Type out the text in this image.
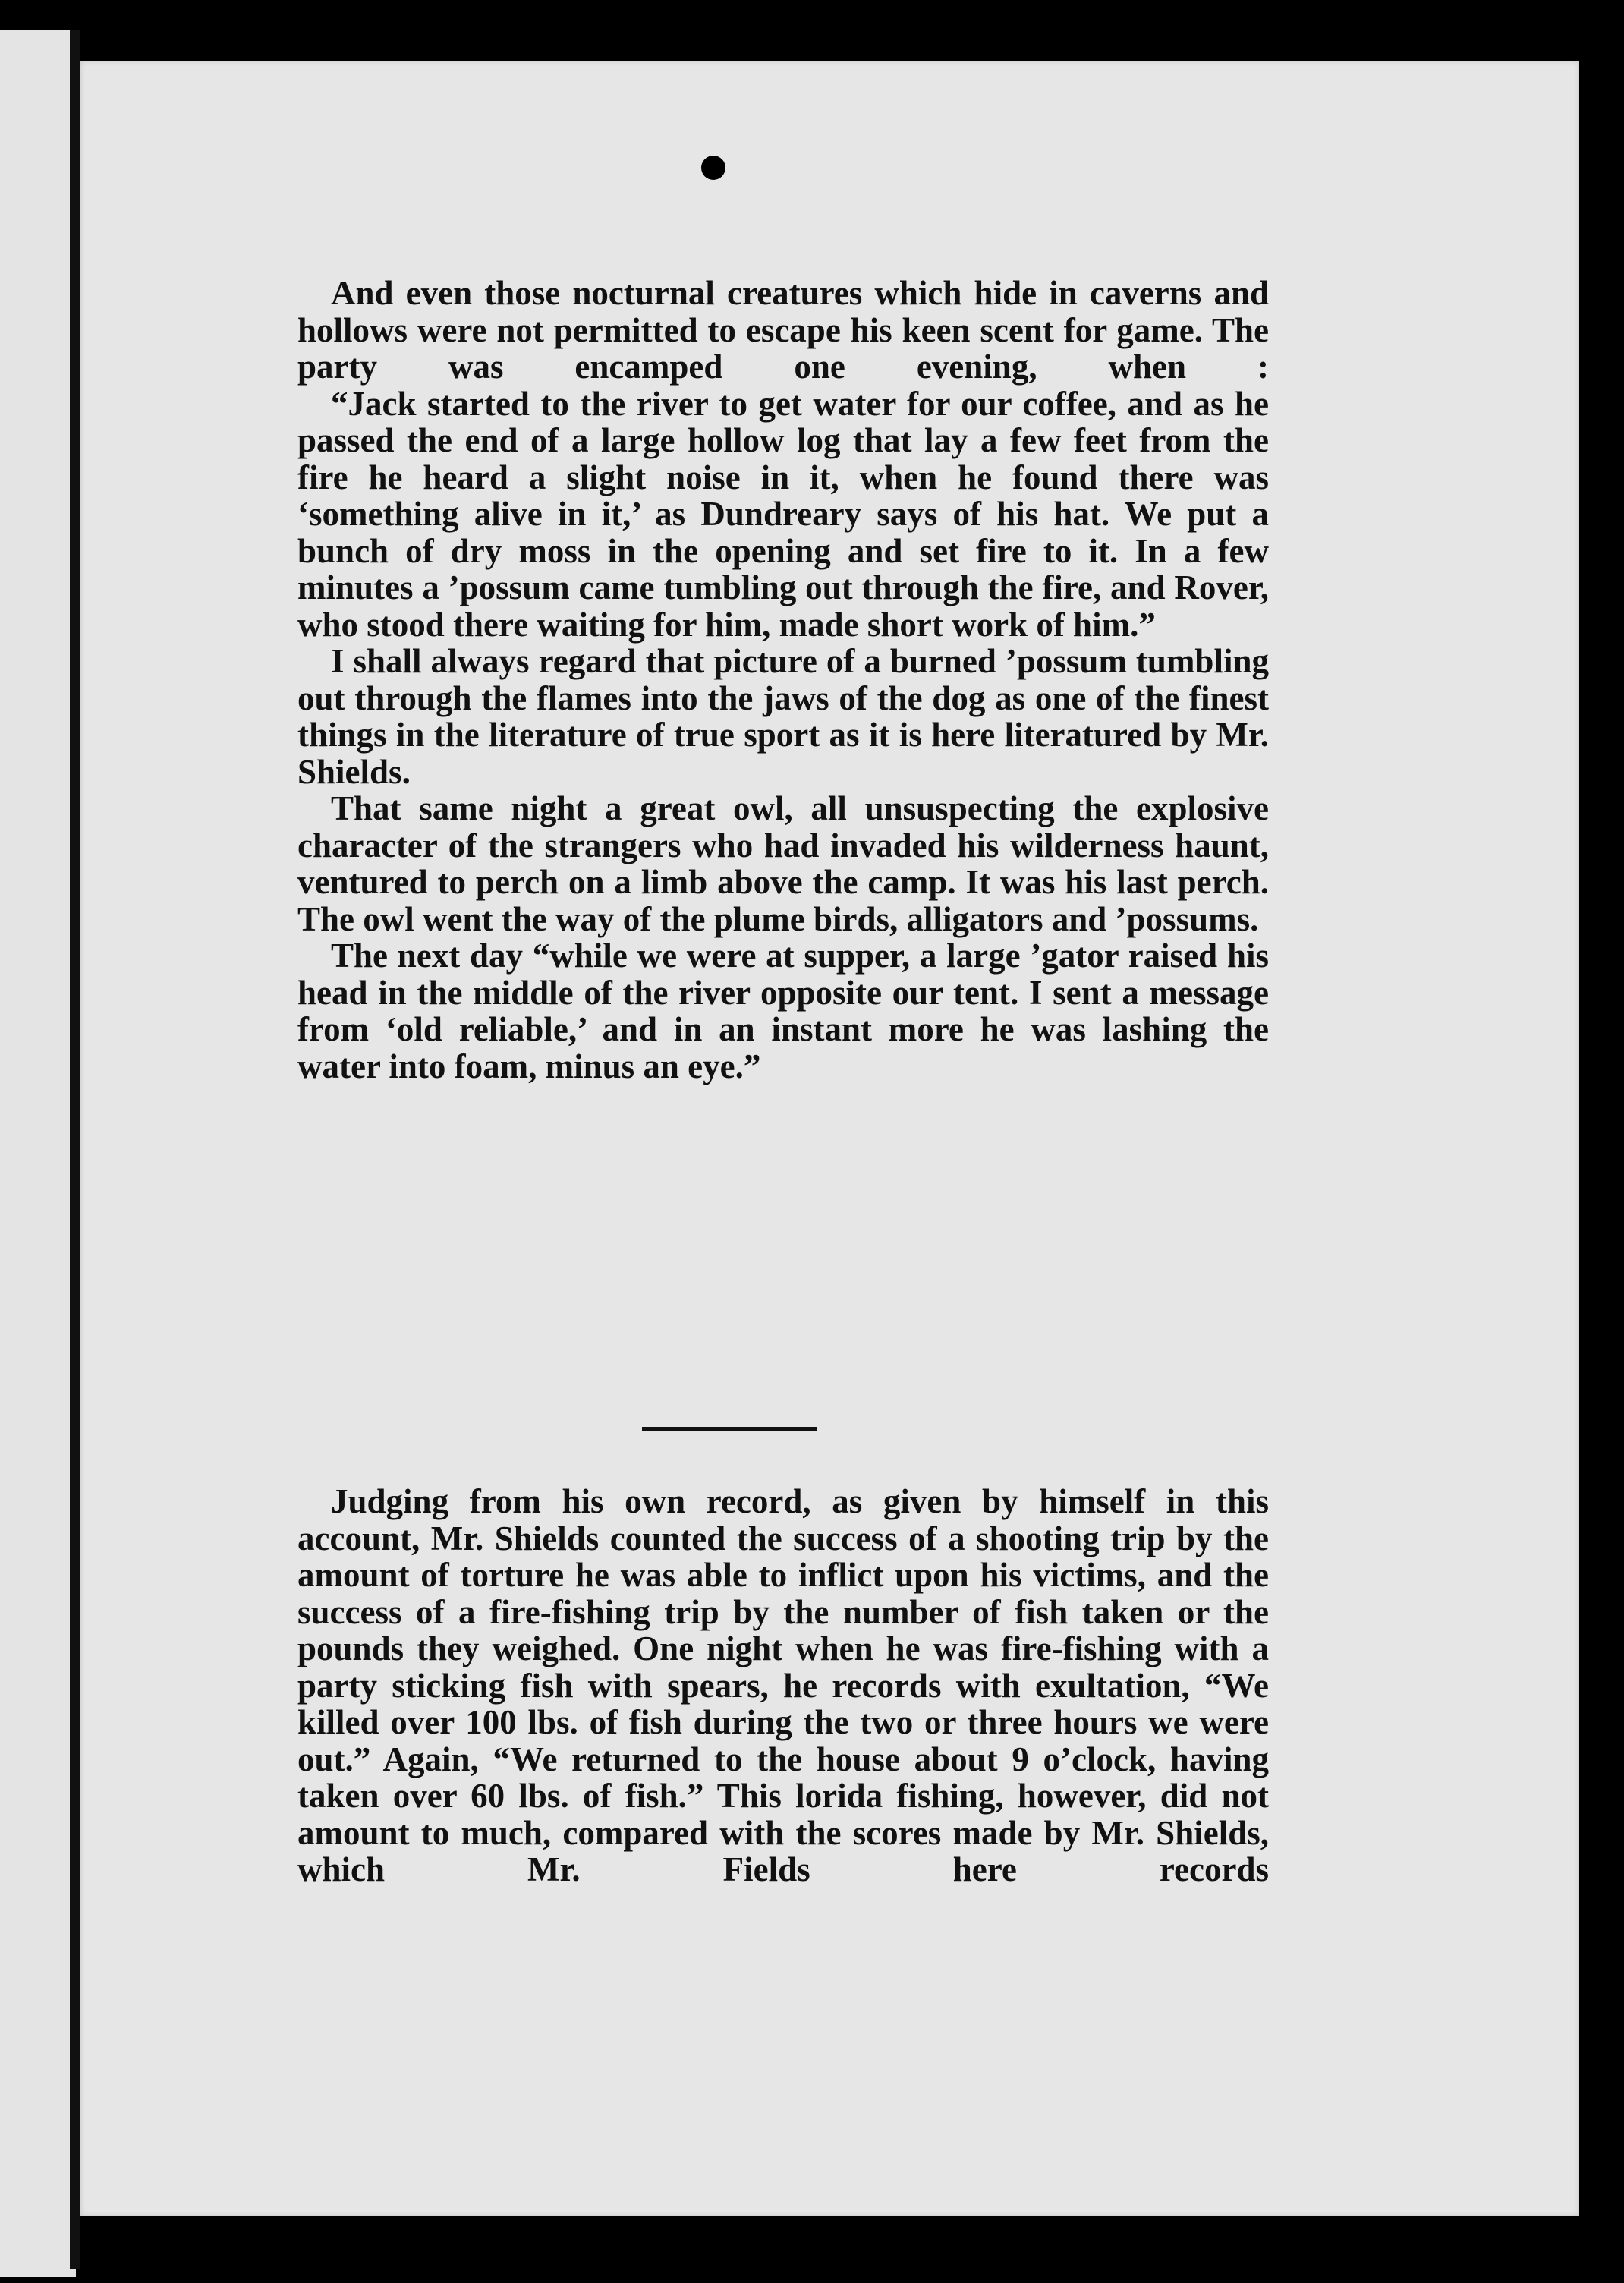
And even those nocturnal creatures which hide in caverns and hollows were not permitted to escape his keen scent for game. The party was encamped one evening, when :

“Jack started to the river to get water for our coffee, and as he passed the end of a large hollow log that lay a few feet from the fire he heard a slight noise in it, when he found there was ‘something alive in it,’ as Dundreary says of his hat. We put a bunch of dry moss in the opening and set fire to it. In a few minutes a ’possum came tumbling out through the fire, and Rover, who stood there waiting for him, made short work of him.”

I shall always regard that picture of a burned ’possum tumbling out through the flames into the jaws of the dog as one of the finest things in the literature of true sport as it is here literatured by Mr. Shields.

That same night a great owl, all unsuspecting the explosive character of the strangers who had invaded his wilderness haunt, ventured to perch on a limb above the camp. It was his last perch. The owl went the way of the plume birds, alligators and ’possums.

The next day “while we were at supper, a large ’gator raised his head in the middle of the river opposite our tent. I sent a message from ‘old reliable,’ and in an instant more he was lashing the water into foam, minus an eye.”

Judging from his own record, as given by himself in this account, Mr. Shields counted the success of a shooting trip by the amount of torture he was able to inflict upon his victims, and the success of a fire-fishing trip by the number of fish taken or the pounds they weighed. One night when he was fire-fishing with a party sticking fish with spears, he records with exultation, “We killed over 100 lbs. of fish during the two or three hours we were out.” Again, “We returned to the house about 9 o’clock, having taken over 60 lbs. of fish.” This lorida fishing, however, did not amount to much, compared with the scores made by Mr. Shields, which Mr. Fields here records
